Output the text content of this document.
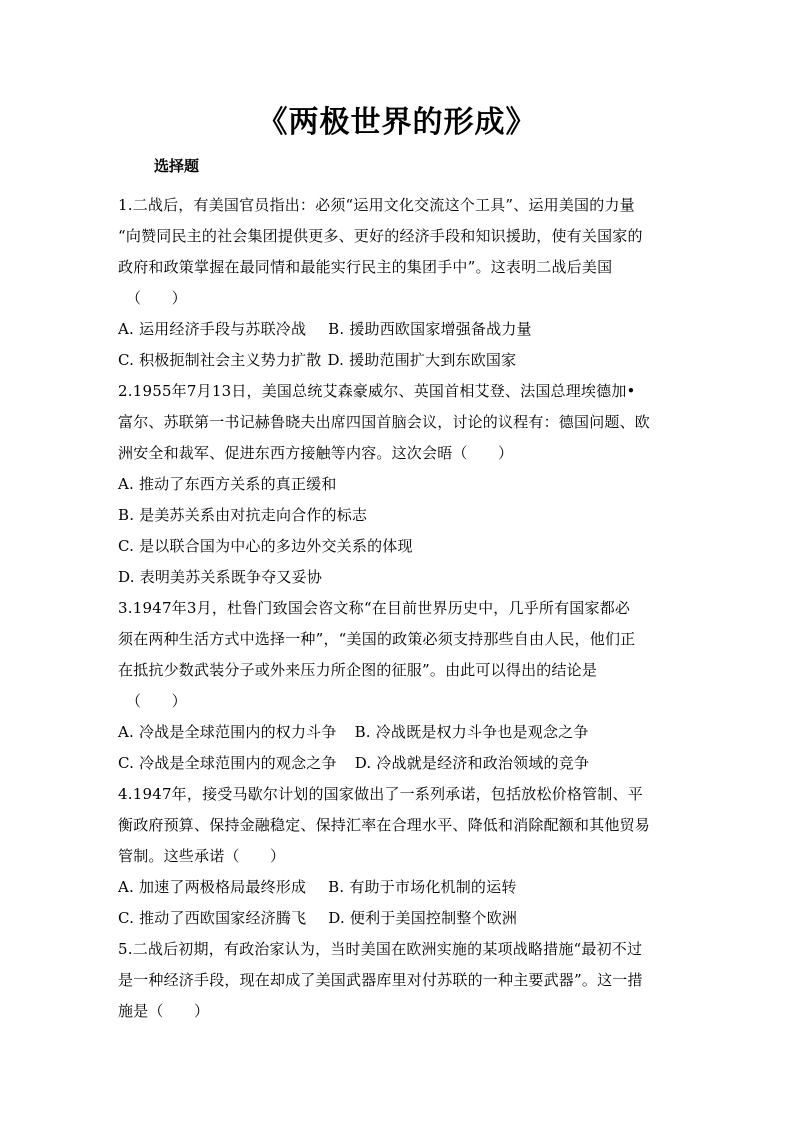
《两极世界的形成》
选择题
1.二战后，有美国官员指出：必须“运用文化交流这个工具”、运用美国的力量
“向赞同民主的社会集团提供更多、更好的经济手段和知识援助，使有关国家的
政府和政策掌握在最同情和最能实行民主的集团手中”。这表明二战后美国
（　　）
A. 运用经济手段与苏联冷战 B. 援助西欧国家增强备战力量
C. 积极扼制社会主义势力扩散 D. 援助范围扩大到东欧国家
2.1955年7月13日，美国总统艾森豪威尔、英国首相艾登、法国总理埃德加•
富尔、苏联第一书记赫鲁晓夫出席四国首脑会议，讨论的议程有：德国问题、欧
洲安全和裁军、促进东西方接触等内容。这次会晤（　　）
A. 推动了东西方关系的真正缓和
B. 是美苏关系由对抗走向合作的标志
C. 是以联合国为中心的多边外交关系的体现
D. 表明美苏关系既争夺又妥协
3.1947年3月，杜鲁门致国会咨文称“在目前世界历史中，几乎所有国家都必
须在两种生活方式中选择一种”，“美国的政策必须支持那些自由人民，他们正
在抵抗少数武装分子或外来压力所企图的征服”。由此可以得出的结论是
（　　）
A. 冷战是全球范围内的权力斗争 B. 冷战既是权力斗争也是观念之争
C. 冷战是全球范围内的观念之争 D. 冷战就是经济和政治领域的竞争
4.1947年，接受马歇尔计划的国家做出了一系列承诺，包括放松价格管制、平
衡政府预算、保持金融稳定、保持汇率在合理水平、降低和消除配额和其他贸易
管制。这些承诺（　　）
A. 加速了两极格局最终形成 B. 有助于市场化机制的运转
C. 推动了西欧国家经济腾飞 D. 便利于美国控制整个欧洲
5.二战后初期，有政治家认为，当时美国在欧洲实施的某项战略措施“最初不过
是一种经济手段，现在却成了美国武器库里对付苏联的一种主要武器”。这一措
施是（　　）
